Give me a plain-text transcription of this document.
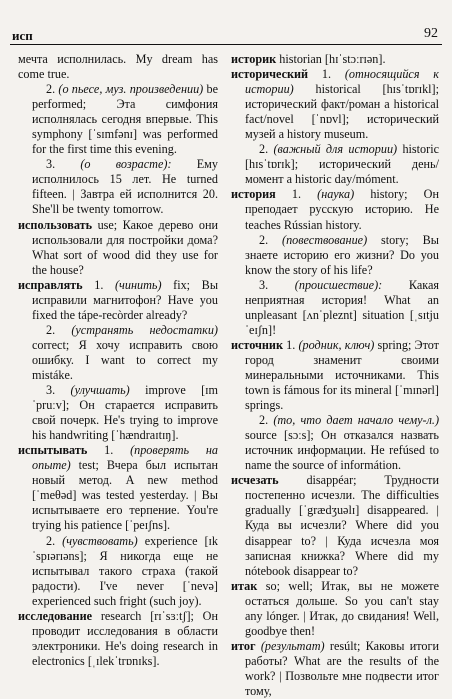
исп	92

мечта исполнилась. My dream has come true.

2. (о пьесе, муз. произведении) be performed; Эта симфония исполнялась сегодня впервые. This symphony [ˈsɪmfənɪ] was performed for the first time this evening.

3. (о возрасте): Ему исполнилось 15 лет. He turned fifteen. | Завтра ей исполнится 20. She'll be twenty tomorrow.

использовать use; Какое дерево они использовали для постройки дома? What sort of wood did they use for the house?

исправлять 1. (чинить) fix; Вы исправили магнитофон? Have you fixed the tápe-recòrder already?

2. (устранять недостатки) correct; Я хочу исправить свою ошибку. I want to correct my mistáke.

3. (улучшать) improve [ɪmˈpruːv]; Он старается исправить свой почерк. He's trying to improve his handwriting [ˈhændraɪtɪŋ].

испытывать 1. (проверять на опыте) test; Вчера был испытан новый метод. A new method [ˈmeθəd] was tested yesterday. | Вы испытываете его терпение. You're trying his patience [ˈpeɪʃns].

2. (чувствовать) experience [ɪkˈspɪərɪəns]; Я никогда еще не испытывал такого страха (такой радости). I've never [ˈnevə] experienced such fright (such joy).

исследование research [rɪˈsɜːtʃ]; Он проводит исследования в области электроники. He's doing research in electronics [ˌɪlekˈtrɒnɪks].

историк historian [hɪˈstɔːrɪən].

исторический 1. (относящийся к истории) historical [hɪsˈtɒrɪkl]; исторический факт/роман a historical fact/novel [ˈnɒvl]; исторический музей a history museum.

2. (важный для истории) historic [hɪsˈtɒrɪk]; исторический день/момент a historic day/móment.

история 1. (наука) history; Он преподает русскую историю. He teaches Rússian history.

2. (повествование) story; Вы знаете историю его жизни? Do you know the story of his life?

3. (происшествие): Какая неприятная история! What an unpleasant [ʌnˈpleznt] situation [ˌsɪtjuˈeɪʃn]!

источник 1. (родник, ключ) spring; Этот город знаменит своими минеральными источниками. This town is fámous for its mineral [ˈmɪnərl] springs.

2. (то, что дает начало чему-л.) source [sɔːs]; Он отказался назвать источник информации. He refúsed to name the source of informátion.

исчезать disappéar; Трудности постепенно исчезли. The difficulties gradually [ˈgrædʒuəlɪ] disappeared. | Куда вы исчезли? Where did you disappear to? | Куда исчезла моя записная книжка? Where did my nótebook disappear to?

итак so; well; Итак, вы не можете остаться дольше. So you can't stay any lónger. | Итак, до свидания! Well, goodbye then!

итог (результат) resúlt; Каковы итоги работы? What are the results of the work? | Позвольте мне подвести итог тому,
